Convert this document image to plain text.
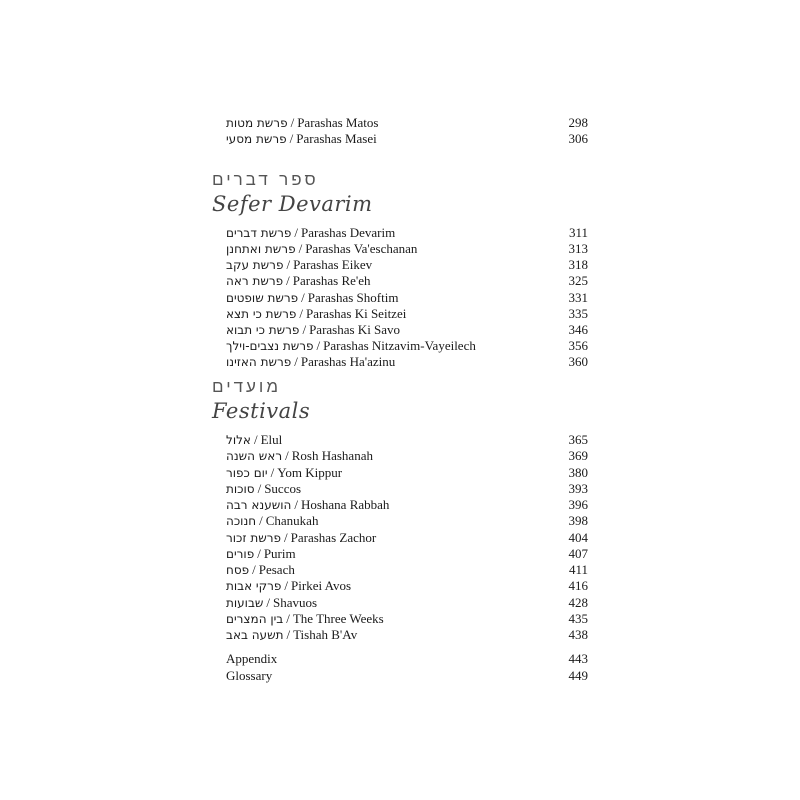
פרשת מטות / Parashas Matos	298
פרשת מסעי / Parashas Masei	306
ספר דברים
Sefer Devarim
פרשת דברים / Parashas Devarim	311
פרשת ואתחנן / Parashas Va'eschanan	313
פרשת עקב / Parashas Eikev	318
פרשת ראה / Parashas Re'eh	325
פרשת שופטים / Parashas Shoftim	331
פרשת כי תצא / Parashas Ki Seitzei	335
פרשת כי תבוא / Parashas Ki Savo	346
פרשת נצבים-וילך / Parashas Nitzavim-Vayeilech	356
פרשת האזינו / Parashas Ha'azinu	360
מועדים
Festivals
אלול / Elul	365
ראש השנה / Rosh Hashanah	369
יום כפור / Yom Kippur	380
סוכות / Succos	393
הושענא רבה / Hoshana Rabbah	396
חנוכה / Chanukah	398
פרשת זכור / Parashas Zachor	404
פורים / Purim	407
פסח / Pesach	411
פרקי אבות / Pirkei Avos	416
שבועות / Shavuos	428
בין המצרים / The Three Weeks	435
תשעה באב / Tishah B'Av	438
Appendix	443
Glossary	449
